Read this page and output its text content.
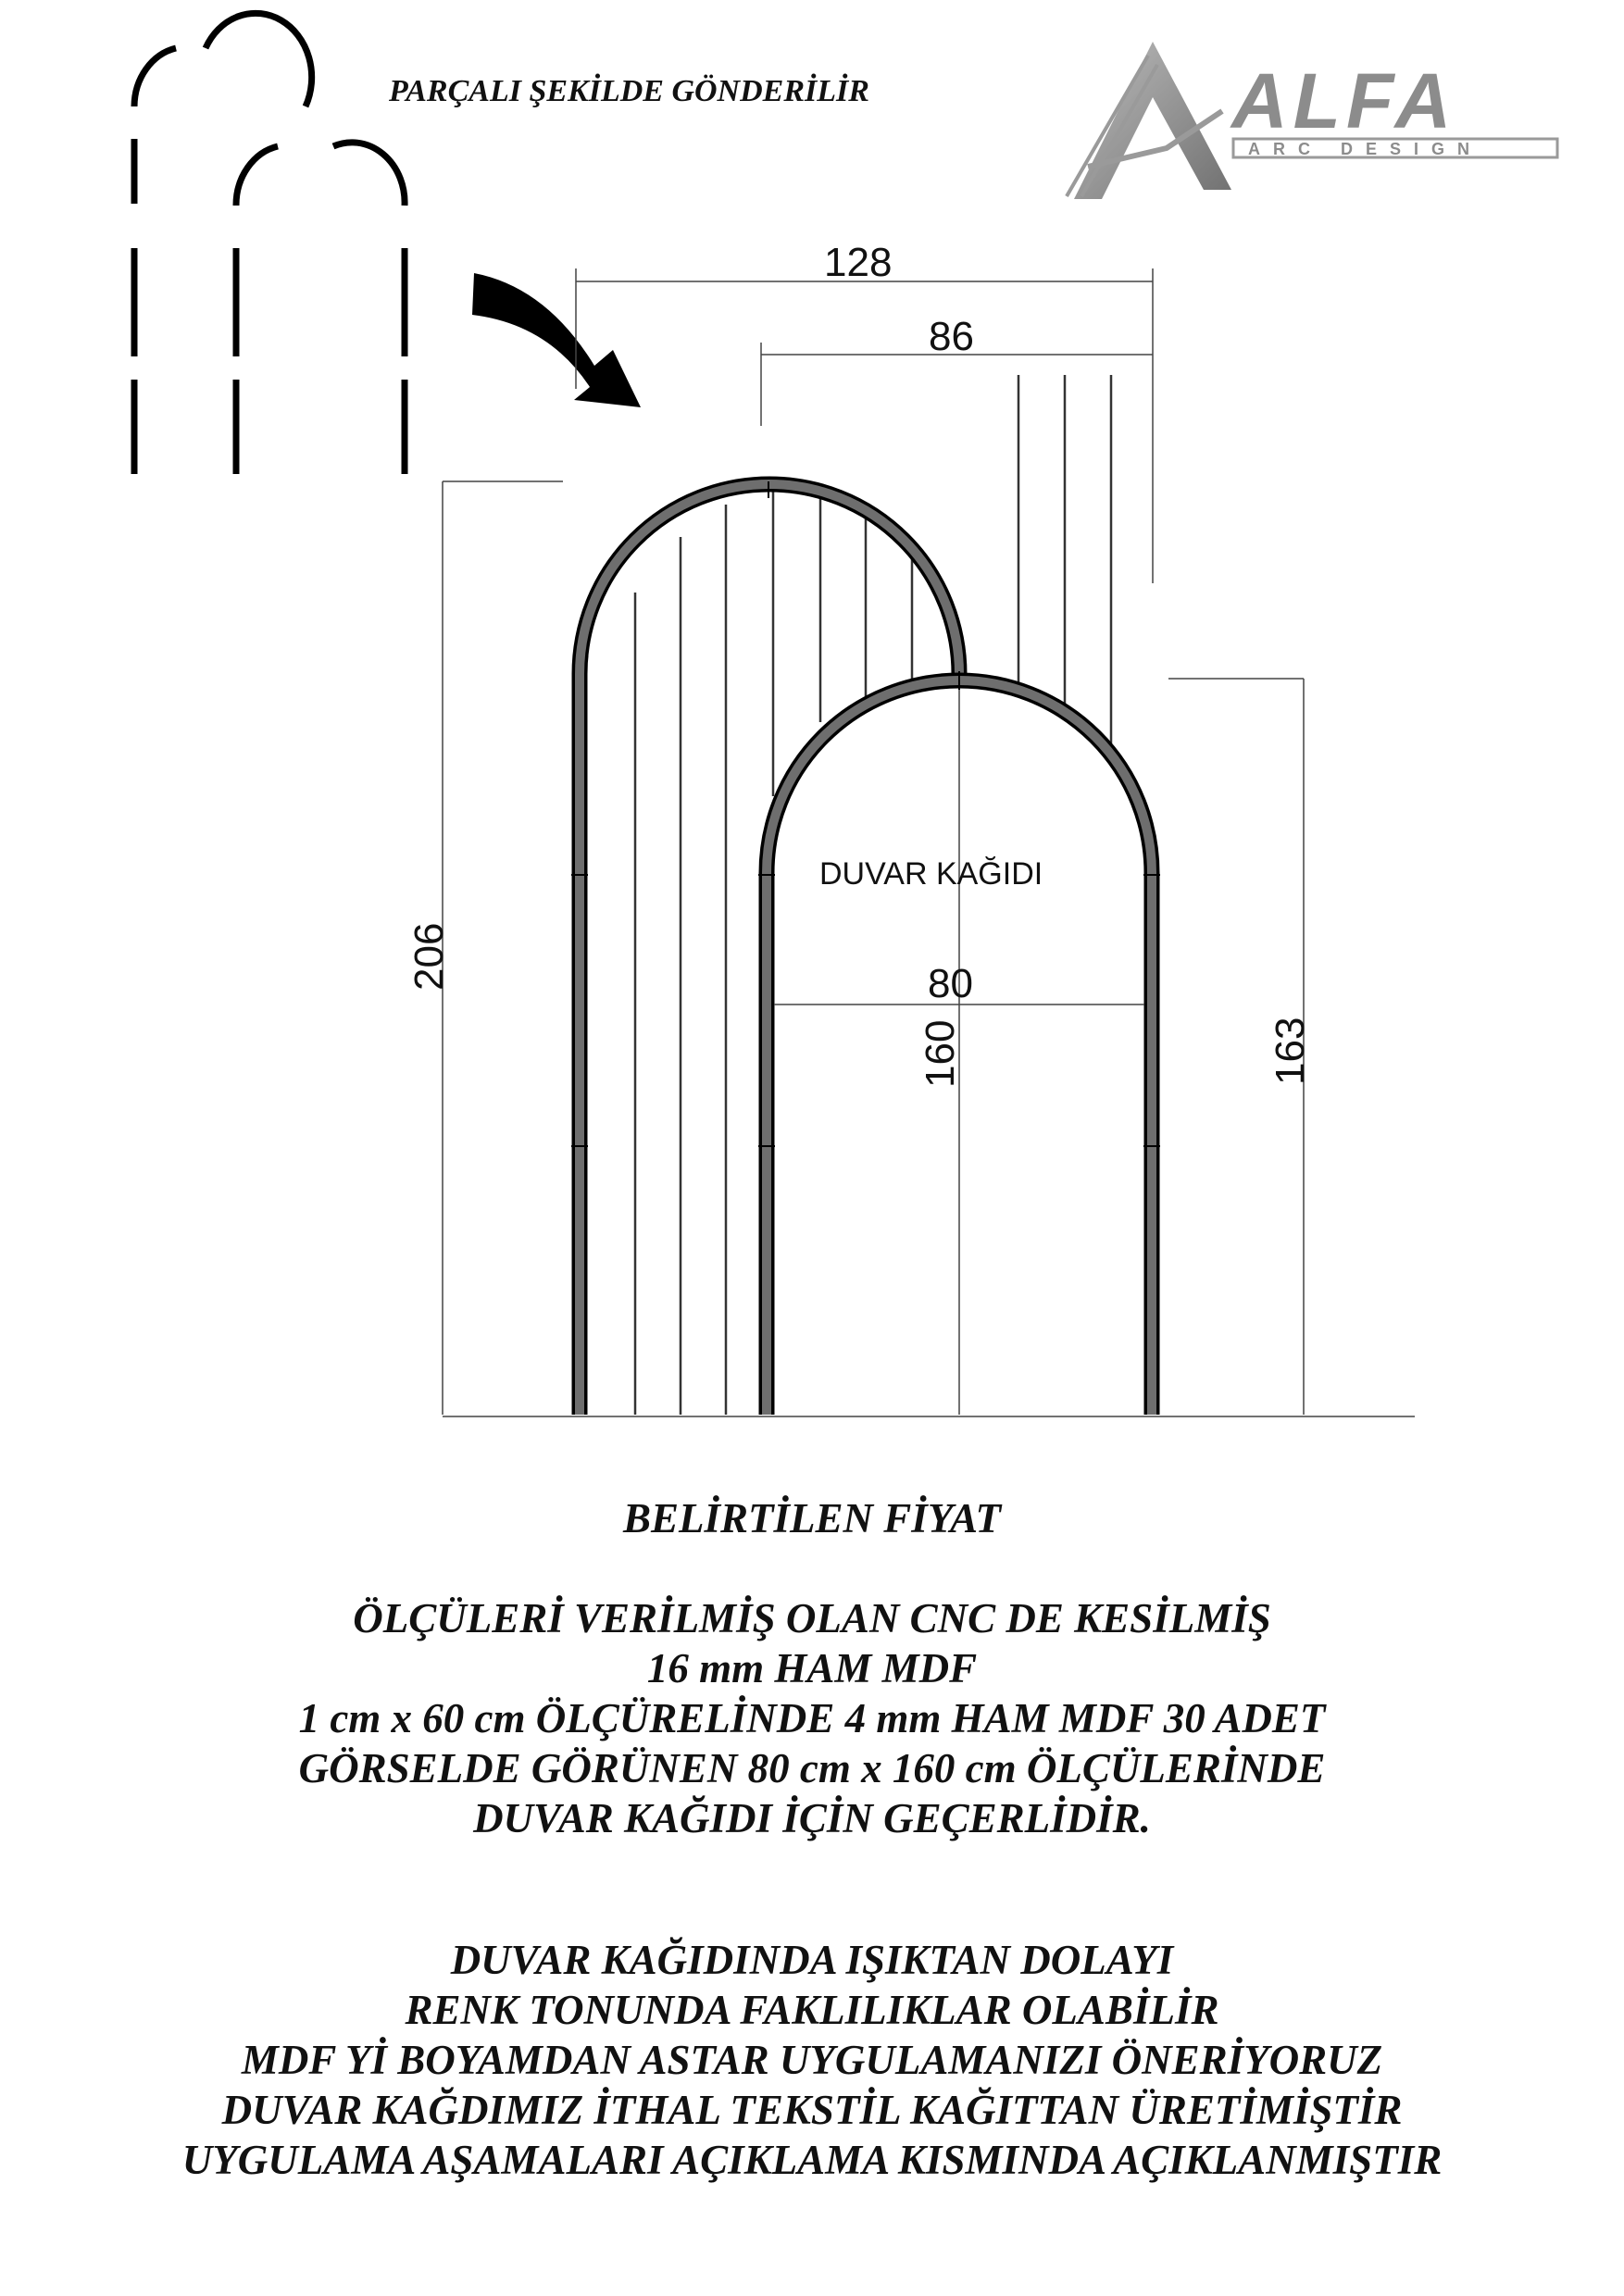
ALFA
ARC DESIGN
128
86
206
163
80
160
DUVAR KAĞIDI
PARÇALI ŞEKİLDE GÖNDERİLİR
BELİRTİLEN FİYAT
ÖLÇÜLERİ VERİLMİŞ OLAN CNC DE KESİLMİŞ
16 mm HAM MDF
1 cm x 60 cm ÖLÇÜRELİNDE 4 mm HAM MDF 30 ADET
GÖRSELDE GÖRÜNEN 80 cm x 160 cm ÖLÇÜLERİNDE
DUVAR KAĞIDI İÇİN GEÇERLİDİR.
DUVAR KAĞIDINDA IŞIKTAN DOLAYI
RENK TONUNDA FAKLILIKLAR OLABİLİR
MDF Yİ BOYAMDAN ASTAR UYGULAMANIZI ÖNERİYORUZ
DUVAR KAĞDIMIZ İTHAL TEKSTİL KAĞITTAN ÜRETİMİŞTİR
UYGULAMA AŞAMALARI AÇIKLAMA KISMINDA AÇIKLANMIŞTIR
